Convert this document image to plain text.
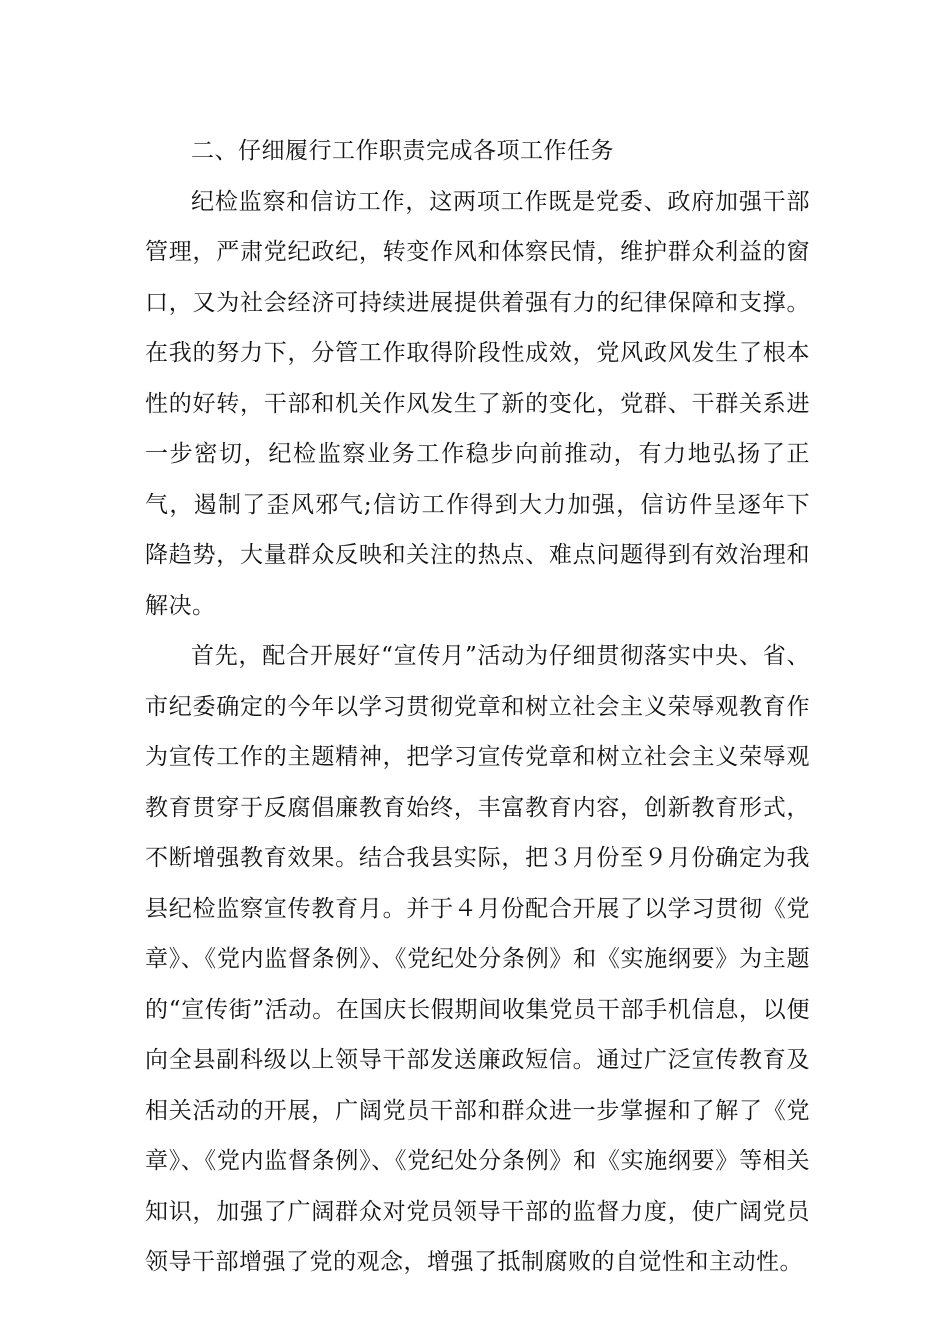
二、仔细履行工作职责完成各项工作任务

纪检监察和信访工作，这两项工作既是党委、政府加强干部管理，严肃党纪政纪，转变作风和体察民情，维护群众利益的窗口，又为社会经济可持续进展提供着强有力的纪律保障和支撑。在我的努力下，分管工作取得阶段性成效，党风政风发生了根本性的好转，干部和机关作风发生了新的变化，党群、干群关系进一步密切，纪检监察业务工作稳步向前推动，有力地弘扬了正气，遏制了歪风邪气;信访工作得到大力加强，信访件呈逐年下降趋势，大量群众反映和关注的热点、难点问题得到有效治理和解决。

首先，配合开展好“宣传月”活动为仔细贯彻落实中央、省、市纪委确定的今年以学习贯彻党章和树立社会主义荣辱观教育作为宣传工作的主题精神，把学习宣传党章和树立社会主义荣辱观教育贯穿于反腐倡廉教育始终，丰富教育内容，创新教育形式，不断增强教育效果。结合我县实际，把３月份至９月份确定为我县纪检监察宣传教育月。并于４月份配合开展了以学习贯彻《党章》、《党内监督条例》、《党纪处分条例》和《实施纲要》为主题的“宣传街”活动。在国庆长假期间收集党员干部手机信息，以便向全县副科级以上领导干部发送廉政短信。通过广泛宣传教育及相关活动的开展，广阔党员干部和群众进一步掌握和了解了《党章》、《党内监督条例》、《党纪处分条例》和《实施纲要》等相关知识，加强了广阔群众对党员领导干部的监督力度，使广阔党员领导干部增强了党的观念，增强了抵制腐败的自觉性和主动性。
